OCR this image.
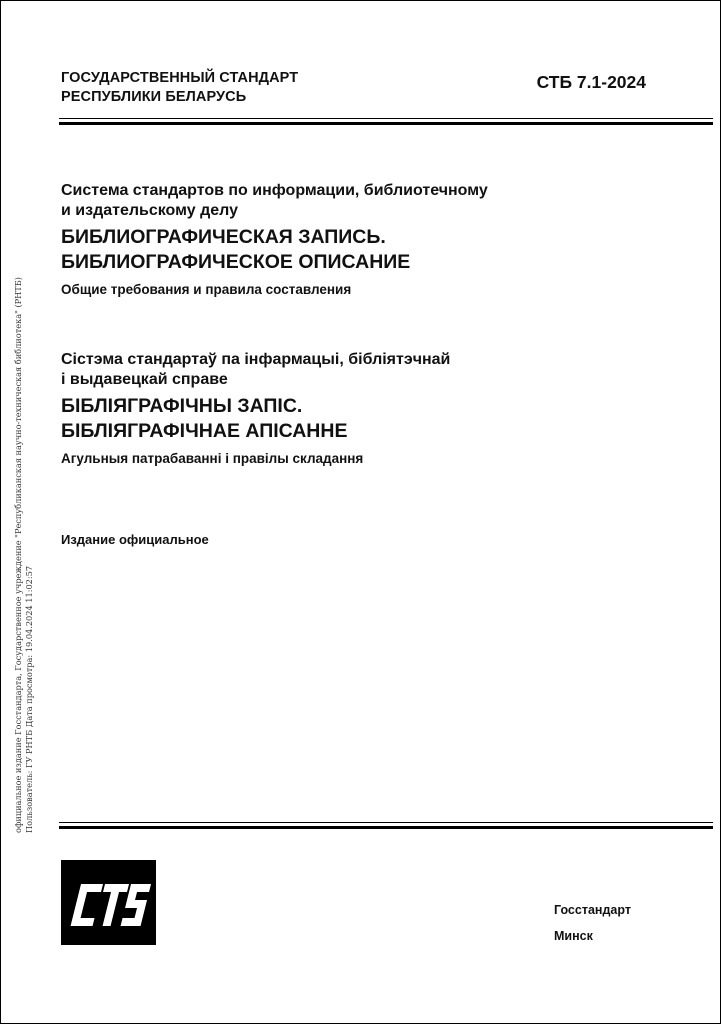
ГОСУДАРСТВЕННЫЙ СТАНДАРТ
РЕСПУБЛИКИ БЕЛАРУСЬ
СТБ 7.1-2024
Система стандартов по информации, библиотечному
и издательскому делу
БИБЛИОГРАФИЧЕСКАЯ ЗАПИСЬ.
БИБЛИОГРАФИЧЕСКОЕ ОПИСАНИЕ
Общие требования и правила составления
Сістэма стандартаў па інфармацыі, бібліятэчнай
і выдавецкай справе
БІБЛІЯГРАФІЧНЫ ЗАПІС.
БІБЛІЯГРАФІЧНАЕ АПІСАННЕ
Агульныя патрабаванні і правілы складання
Издание официальное
официальное издание Госстандарта, Государственное учреждение "Республиканская научно-техническая библиотека" (РНТБ) Пользователь: ГУ РНТБ Дата просмотра: 19.04.2024 11:02:57
Госстандарт
Минск
